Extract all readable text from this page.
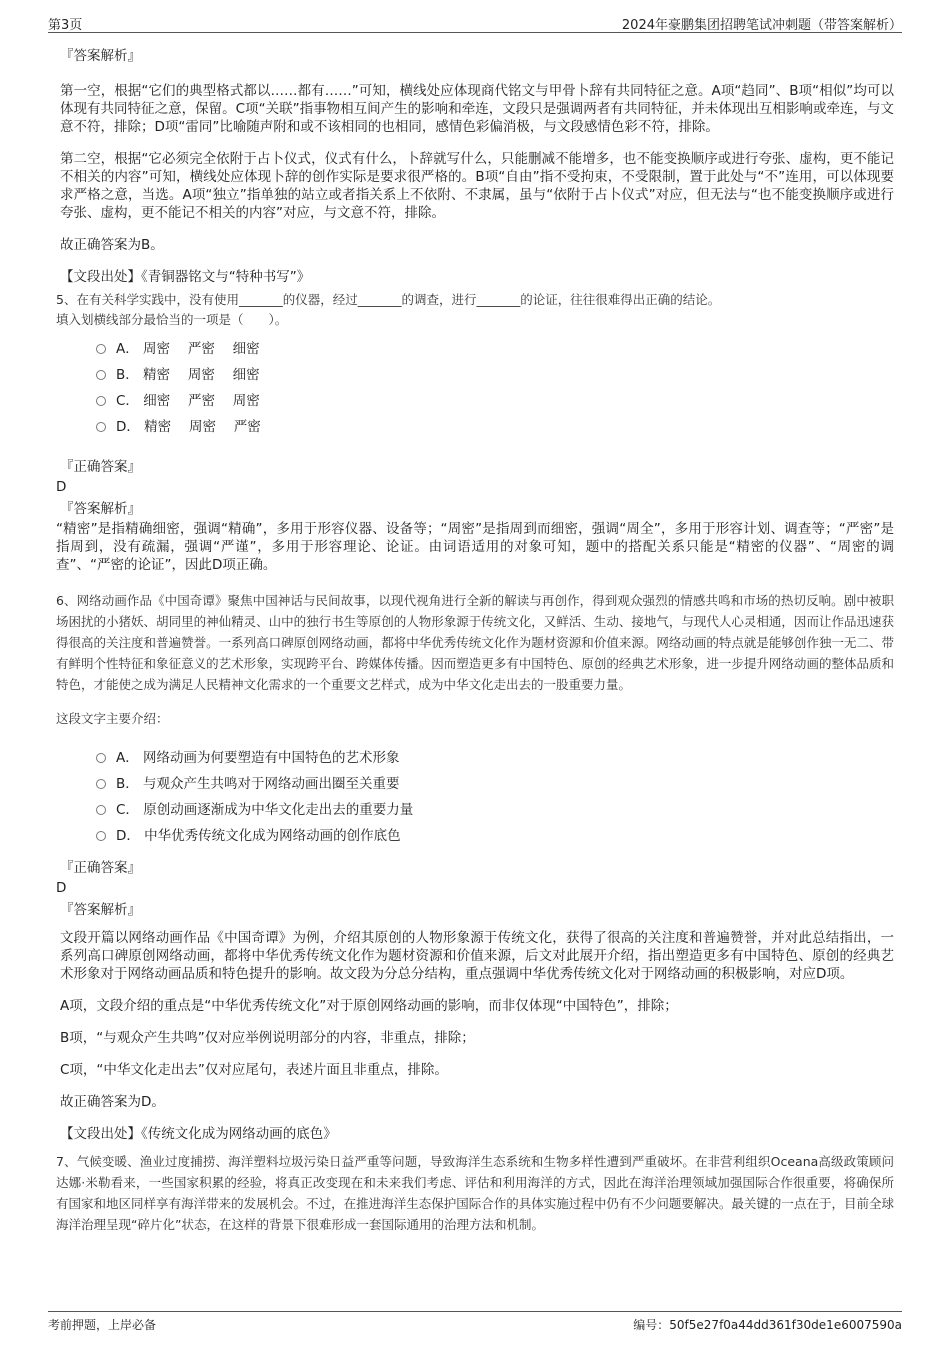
第3页	2024年豪鹏集团招聘笔试冲刺题（带答案解析）
『答案解析』
第一空，根据“它们的典型格式都以……都有……”可知，横线处应体现商代铭文与甲骨卜辞有共同特征之意。A项“趋同”、B项“相似”均可以体现有共同特征之意，保留。C项“关联”指事物相互间产生的影响和牵连，文段只是强调两者有共同特征，并未体现出互相影响或牵连，与文意不符，排除；D项“雷同”比喻随声附和或不该相同的也相同，感情色彩偏消极，与文段感情色彩不符，排除。
第二空，根据“它必须完全依附于占卜仪式，仪式有什么，卜辞就写什么，只能删减不能增多，也不能变换顺序或进行夸张、虚构，更不能记不相关的内容”可知，横线处应体现卜辞的创作实际是要求很严格的。B项“自由”指不受拘束，不受限制，置于此处与“不”连用，可以体现要求严格之意，当选。A项“独立”指单独的站立或者指关系上不依附、不隶属，虽与“依附于占卜仪式”对应，但无法与“也不能变换顺序或进行夸张、虚构，更不能记不相关的内容”对应，与文意不符，排除。
故正确答案为B。
【文段出处】《青铜器铭文与“特种书写”》
5、在有关科学实践中，没有使用_______的仪器，经过_______的调查，进行_______的论证，往往很难得出正确的结论。
填入划横线部分最恰当的一项是（　　）。
A． 周密　 严密　 细密
B． 精密　 周密　 细密
C． 细密　 严密　 周密
D． 精密　 周密　 严密
『正确答案』
D
『答案解析』
“精密”是指精确细密，强调“精确”，多用于形容仪器、设备等；“周密”是指周到而细密，强调“周全”，多用于形容计划、调查等；“严密”是指周到，没有疏漏，强调“严谨”，多用于形容理论、论证。由词语适用的对象可知，题中的搭配关系只能是“精密的仪器”、“周密的调查”、“严密的论证”，因此D项正确。
6、网络动画作品《中国奇谭》聚焦中国神话与民间故事，以现代视角进行全新的解读与再创作，得到观众强烈的情感共鸣和市场的热切反响。剧中被职场困扰的小猪妖、胡同里的神仙精灵、山中的独行书生等原创的人物形象源于传统文化，又鲜活、生动、接地气，与现代人心灵相通，因而让作品迅速获得很高的关注度和普遍赞誉。一系列高口碑原创网络动画，都将中华优秀传统文化作为题材资源和价值来源。网络动画的特点就是能够创作独一无二、带有鲜明个性特征和象征意义的艺术形象，实现跨平台、跨媒体传播。因而塑造更多有中国特色、原创的经典艺术形象，进一步提升网络动画的整体品质和特色，才能使之成为满足人民精神文化需求的一个重要文艺样式，成为中华文化走出去的一股重要力量。
这段文字主要介绍：
A． 网络动画为何要塑造有中国特色的艺术形象
B． 与观众产生共鸣对于网络动画出圈至关重要
C． 原创动画逐渐成为中华文化走出去的重要力量
D． 中华优秀传统文化成为网络动画的创作底色
『正确答案』
D
『答案解析』
文段开篇以网络动画作品《中国奇谭》为例，介绍其原创的人物形象源于传统文化，获得了很高的关注度和普遍赞誉，并对此总结指出，一系列高口碑原创网络动画，都将中华优秀传统文化作为题材资源和价值来源，后文对此展开介绍，指出塑造更多有中国特色、原创的经典艺术形象对于网络动画品质和特色提升的影响。故文段为分总分结构，重点强调中华优秀传统文化对于网络动画的积极影响，对应D项。
A项，文段介绍的重点是“中华优秀传统文化”对于原创网络动画的影响，而非仅体现“中国特色”，排除；
B项，“与观众产生共鸣”仅对应举例说明部分的内容，非重点，排除；
C项，“中华文化走出去”仅对应尾句，表述片面且非重点，排除。
故正确答案为D。
【文段出处】《传统文化成为网络动画的底色》
7、气候变暖、渔业过度捕捞、海洋塑料垃圾污染日益严重等问题，导致海洋生态系统和生物多样性遭到严重破坏。在非营利组织Oceana高级政策顾问达娜·米勒看来，一些国家积累的经验，将真正改变现在和未来我们考虑、评估和利用海洋的方式，因此在海洋治理领域加强国际合作很重要，将确保所有国家和地区同样享有海洋带来的发展机会。不过，在推进海洋生态保护国际合作的具体实施过程中仍有不少问题要解决。最关键的一点在于，目前全球海洋治理呈现“碎片化”状态，在这样的背景下很难形成一套国际通用的治理方法和机制。
考前押题，上岸必备	编号：50f5e27f0a44dd361f30de1e6007590a
